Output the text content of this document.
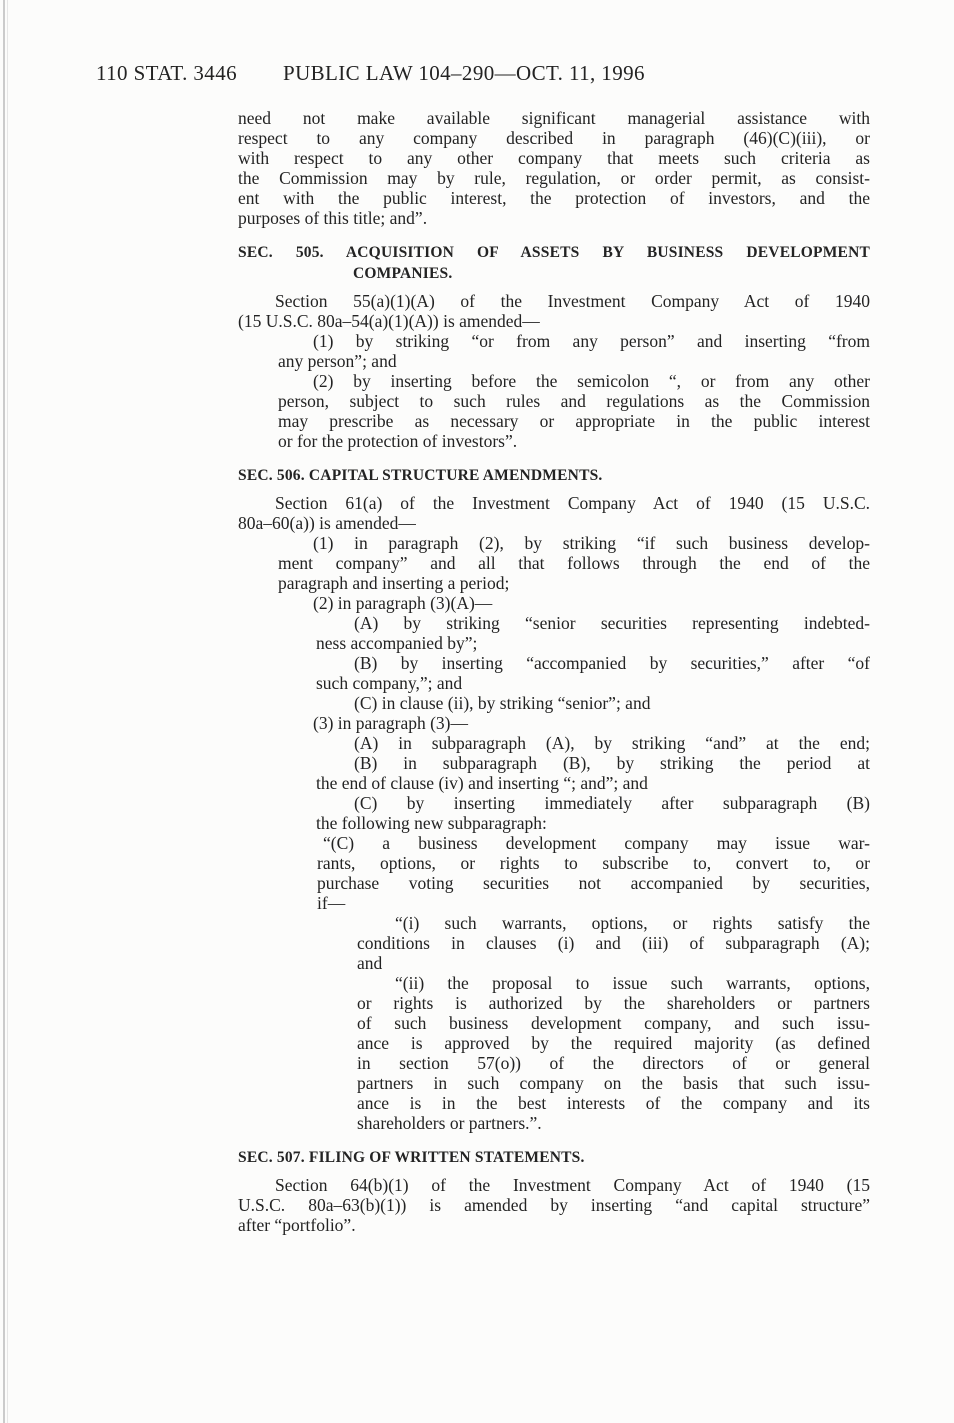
110 STAT. 3446 PUBLIC LAW 104–290—OCT. 11, 1996
need not make available significant managerial assistance with
respect to any company described in paragraph (46)(C)(iii), or
with respect to any other company that meets such criteria as
the Commission may by rule, regulation, or order permit, as consist-
ent with the public interest, the protection of investors, and the
purposes of this title; and”.
SEC. 505. ACQUISITION OF ASSETS BY BUSINESS DEVELOPMENT
COMPANIES.
Section 55(a)(1)(A) of the Investment Company Act of 1940
(15 U.S.C. 80a–54(a)(1)(A)) is amended—
(1) by striking “or from any person” and inserting “from
any person”; and
(2) by inserting before the semicolon “, or from any other
person, subject to such rules and regulations as the Commission
may prescribe as necessary or appropriate in the public interest
or for the protection of investors”.
SEC. 506. CAPITAL STRUCTURE AMENDMENTS.
Section 61(a) of the Investment Company Act of 1940 (15 U.S.C.
80a–60(a)) is amended—
(1) in paragraph (2), by striking “if such business develop-
ment company” and all that follows through the end of the
paragraph and inserting a period;
(2) in paragraph (3)(A)—
(A) by striking “senior securities representing indebted-
ness accompanied by”;
(B) by inserting “accompanied by securities,” after “of
such company,”; and
(C) in clause (ii), by striking “senior”; and
(3) in paragraph (3)—
(A) in subparagraph (A), by striking “and” at the end;
(B) in subparagraph (B), by striking the period at
the end of clause (iv) and inserting “; and”; and
(C) by inserting immediately after subparagraph (B)
the following new subparagraph:
“(C) a business development company may issue war-
rants, options, or rights to subscribe to, convert to, or
purchase voting securities not accompanied by securities,
if—
“(i) such warrants, options, or rights satisfy the
conditions in clauses (i) and (iii) of subparagraph (A);
and
“(ii) the proposal to issue such warrants, options,
or rights is authorized by the shareholders or partners
of such business development company, and such issu-
ance is approved by the required majority (as defined
in section 57(o)) of the directors of or general
partners in such company on the basis that such issu-
ance is in the best interests of the company and its
shareholders or partners.”.
SEC. 507. FILING OF WRITTEN STATEMENTS.
Section 64(b)(1) of the Investment Company Act of 1940 (15
U.S.C. 80a–63(b)(1)) is amended by inserting “and capital structure”
after “portfolio”.
